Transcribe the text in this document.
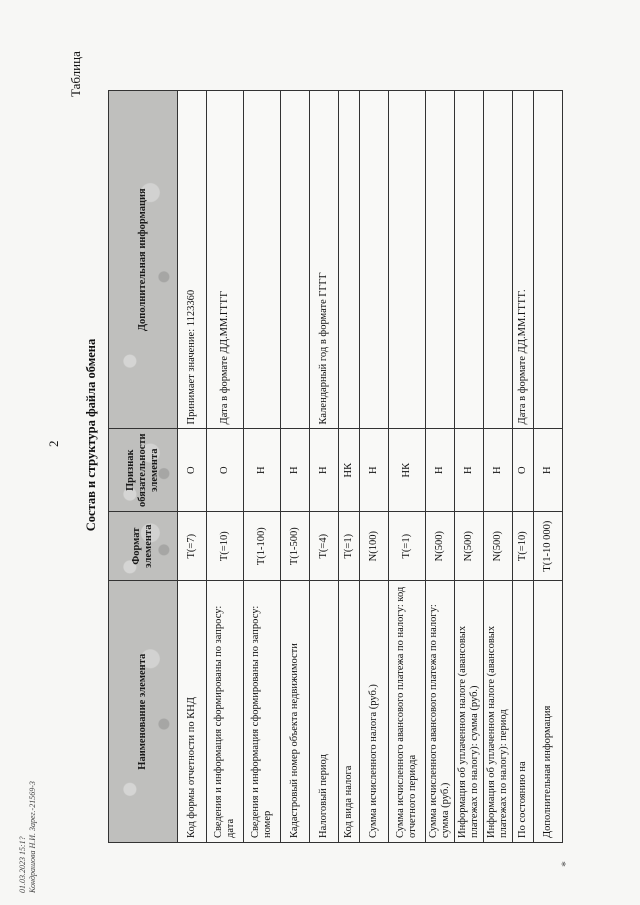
01.03.2023 15:1? Кондрашова Н.И. Зарег.-21569-3	*
2
Таблица
Состав и структура файла обмена
Наименование элемента	Формат элемента	Признак обязательности элемента	Дополнительная информация
Код формы отчетности по КНД	T(=7)	О	Принимает значение: 1123360
Сведения и информация сформированы по запросу: дата	T(=10)	О	Дата в формате ДД.ММ.ГГГГ
Сведения и информация сформированы по запросу: номер	T(1-100)	Н	
Кадастровый номер объекта недвижимости	T(1-500)	Н	
Налоговый период	T(=4)	Н	Календарный год в формате ГГГГ
Код вида налога	T(=1)	НК	
Сумма исчисленного налога (руб.)	N(100)	Н	
Сумма исчисленного авансового платежа по налогу: код отчетного периода	T(=1)	НК	
Сумма исчисленного авансового платежа по налогу: сумма (руб.)	N(500)	Н	
Информация об уплаченном налоге (авансовых платежах по налогу): сумма (руб.)	N(500)	Н	
Информация об уплаченном налоге (авансовых платежах по налогу): период	N(500)	Н	
По состоянию на	T(=10)	О	Дата в формате ДД.ММ.ГГГГ.
Дополнительная информация	T(1-10 000)	Н	
